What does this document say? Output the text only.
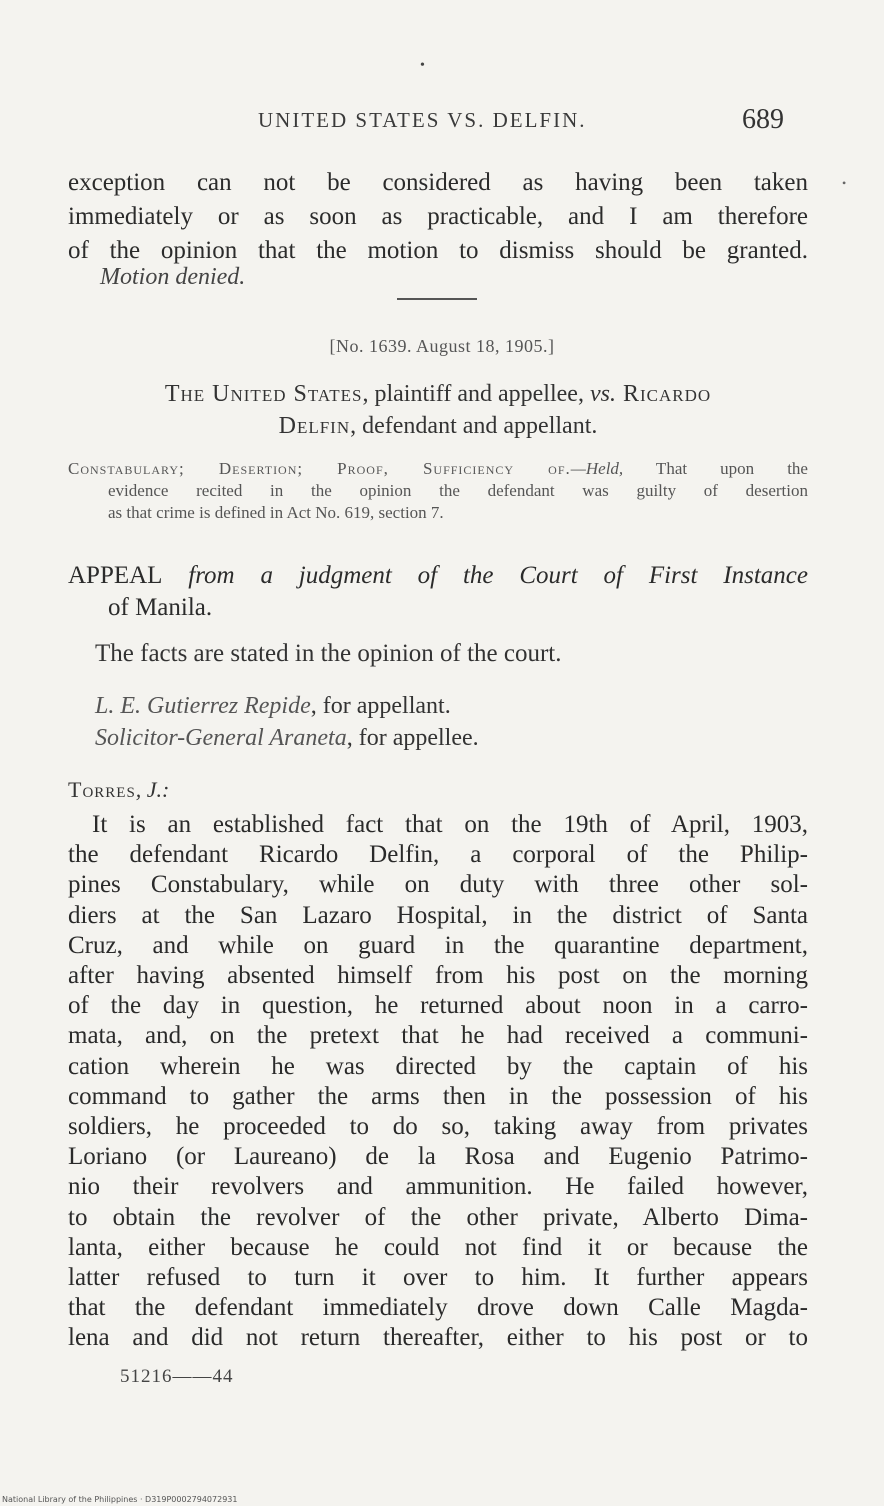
•
UNITED STATES VS. DELFIN.	689
•

exception can not be considered as having been taken

immediately or as soon as practicable, and I am therefore

of the opinion that the motion to dismiss should be granted.

Motion denied.
[No. 1639. August 18, 1905.]
The United States, plaintiff and appellee, vs. Ricardo
Delfin, defendant and appellant.
Constabulary; Desertion; Proof, Sufficiency of.—Held, That upon the
evidence recited in the opinion the defendant was guilty of desertion
as that crime is defined in Act No. 619, section 7.
APPEAL from a judgment of the Court of First Instance
of Manila.
The facts are stated in the opinion of the court.
L. E. Gutierrez Repide, for appellant.
Solicitor-General Araneta, for appellee.
Torres, J.:
It is an established fact that on the 19th of April, 1903,
the defendant Ricardo Delfin, a corporal of the Philip-
pines Constabulary, while on duty with three other sol-
diers at the San Lazaro Hospital, in the district of Santa
Cruz, and while on guard in the quarantine department,
after having absented himself from his post on the morning
of the day in question, he returned about noon in a carro-
mata, and, on the pretext that he had received a communi-
cation wherein he was directed by the captain of his
command to gather the arms then in the possession of his
soldiers, he proceeded to do so, taking away from privates
Loriano (or Laureano) de la Rosa and Eugenio Patrimo-
nio their revolvers and ammunition. He failed however,
to obtain the revolver of the other private, Alberto Dima-
lanta, either because he could not find it or because the
latter refused to turn it over to him. It further appears
that the defendant immediately drove down Calle Magda-
lena and did not return thereafter, either to his post or to
51216——44
National Library of the Philippines · D319P0002794072931
